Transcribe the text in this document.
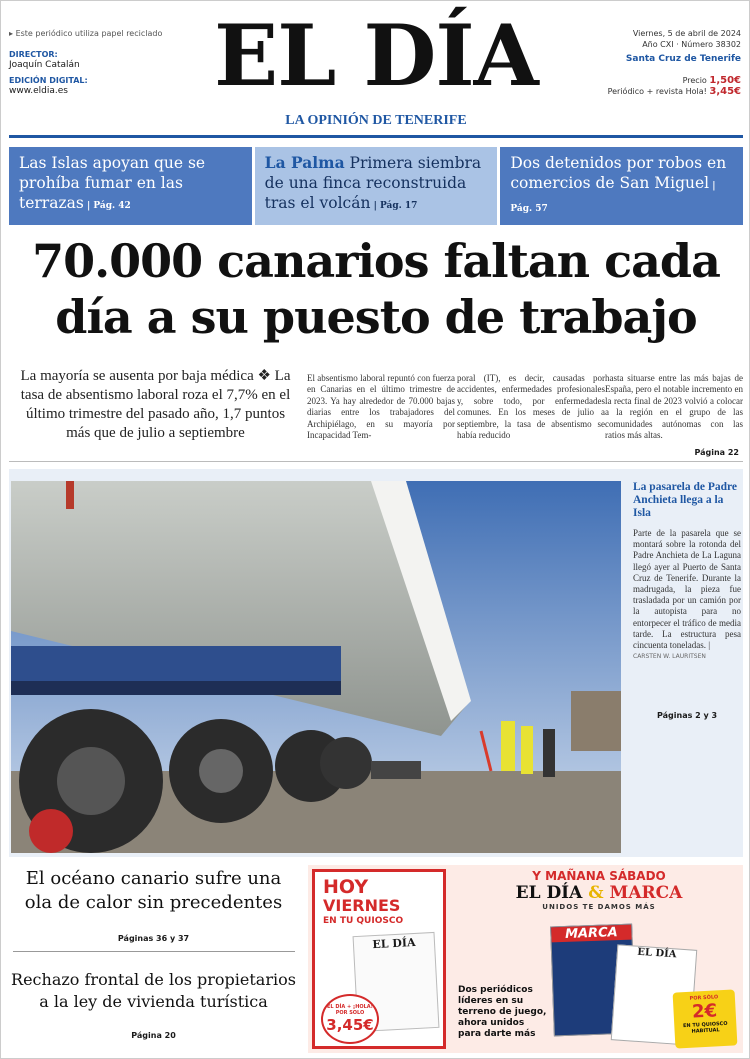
▸ Este periódico utiliza papel reciclado
DIRECTOR:
Joaquín Catalán
EDICIÓN DIGITAL:
www.eldia.es	EL DÍA
LA OPINIÓN DE TENERIFE
Viernes, 5 de abril de 2024
Año CXI · Número 38302
Santa Cruz de Tenerife
Precio 1,50€
Periódico + revista Hola! 3,45€
Las Islas apoyan que se prohíba fumar en las terrazas | Pág. 42
La Palma Primera siembra de una finca reconstruida tras el volcán | Pág. 17
Dos detenidos por robos en comercios de San Miguel | Pág. 57
70.000 canarios faltan cada día a su puesto de trabajo
La mayoría se ausenta por baja médica ❖ La tasa de absentismo laboral roza el 7,7% en el último trimestre del pasado año, 1,7 puntos más que de julio a septiembre
El absentismo laboral repuntó con fuerza en Canarias en el último trimestre de 2023. Ya hay alrededor de 70.000 bajas diarias entre los trabajadores del Archipiélago, en su mayoría por Incapacidad Tem-
poral (IT), es decir, causadas por accidentes, enfermedades profesionales y, sobre todo, por enfermedades comunes. En los meses de julio a septiembre, la tasa de absentismo se había reducido
hasta situarse entre las más bajas de España, pero el notable incremento en la recta final de 2023 volvió a colocar a la región en el grupo de las comunidades autónomas con las ratios más altas.
Página 22
La pasarela de Padre Anchieta llega a la Isla
Parte de la pasarela que se montará sobre la rotonda del Padre Anchieta de La Laguna llegó ayer al Puerto de Santa Cruz de Tenerife. Durante la madrugada, la pieza fue trasladada por un camión por la autopista para no entorpecer el tráfico de media tarde. La estructura pesa cincuenta toneladas. |
CARSTEN W. LAURITSEN
Páginas 2 y 3
El océano canario sufre una ola de calor sin precedentes
Páginas 36 y 37
Rechazo frontal de los propietarios a la ley de vivienda turística
Página 20
HOY
VIERNES
EN TU QUIOSCO
EL DÍA
EL DÍA + ¡HOLA! POR SOLO
3,45€
Y MAÑANA SÁBADO
EL DÍA & MARCA
UNIDOS TE DAMOS MÁS
Dos periódicos líderes en su terreno de juego, ahora unidos para darte más
MARCA
EL DÍA
POR SÓLO
2€
EN TU QUIOSCO HABITUAL
